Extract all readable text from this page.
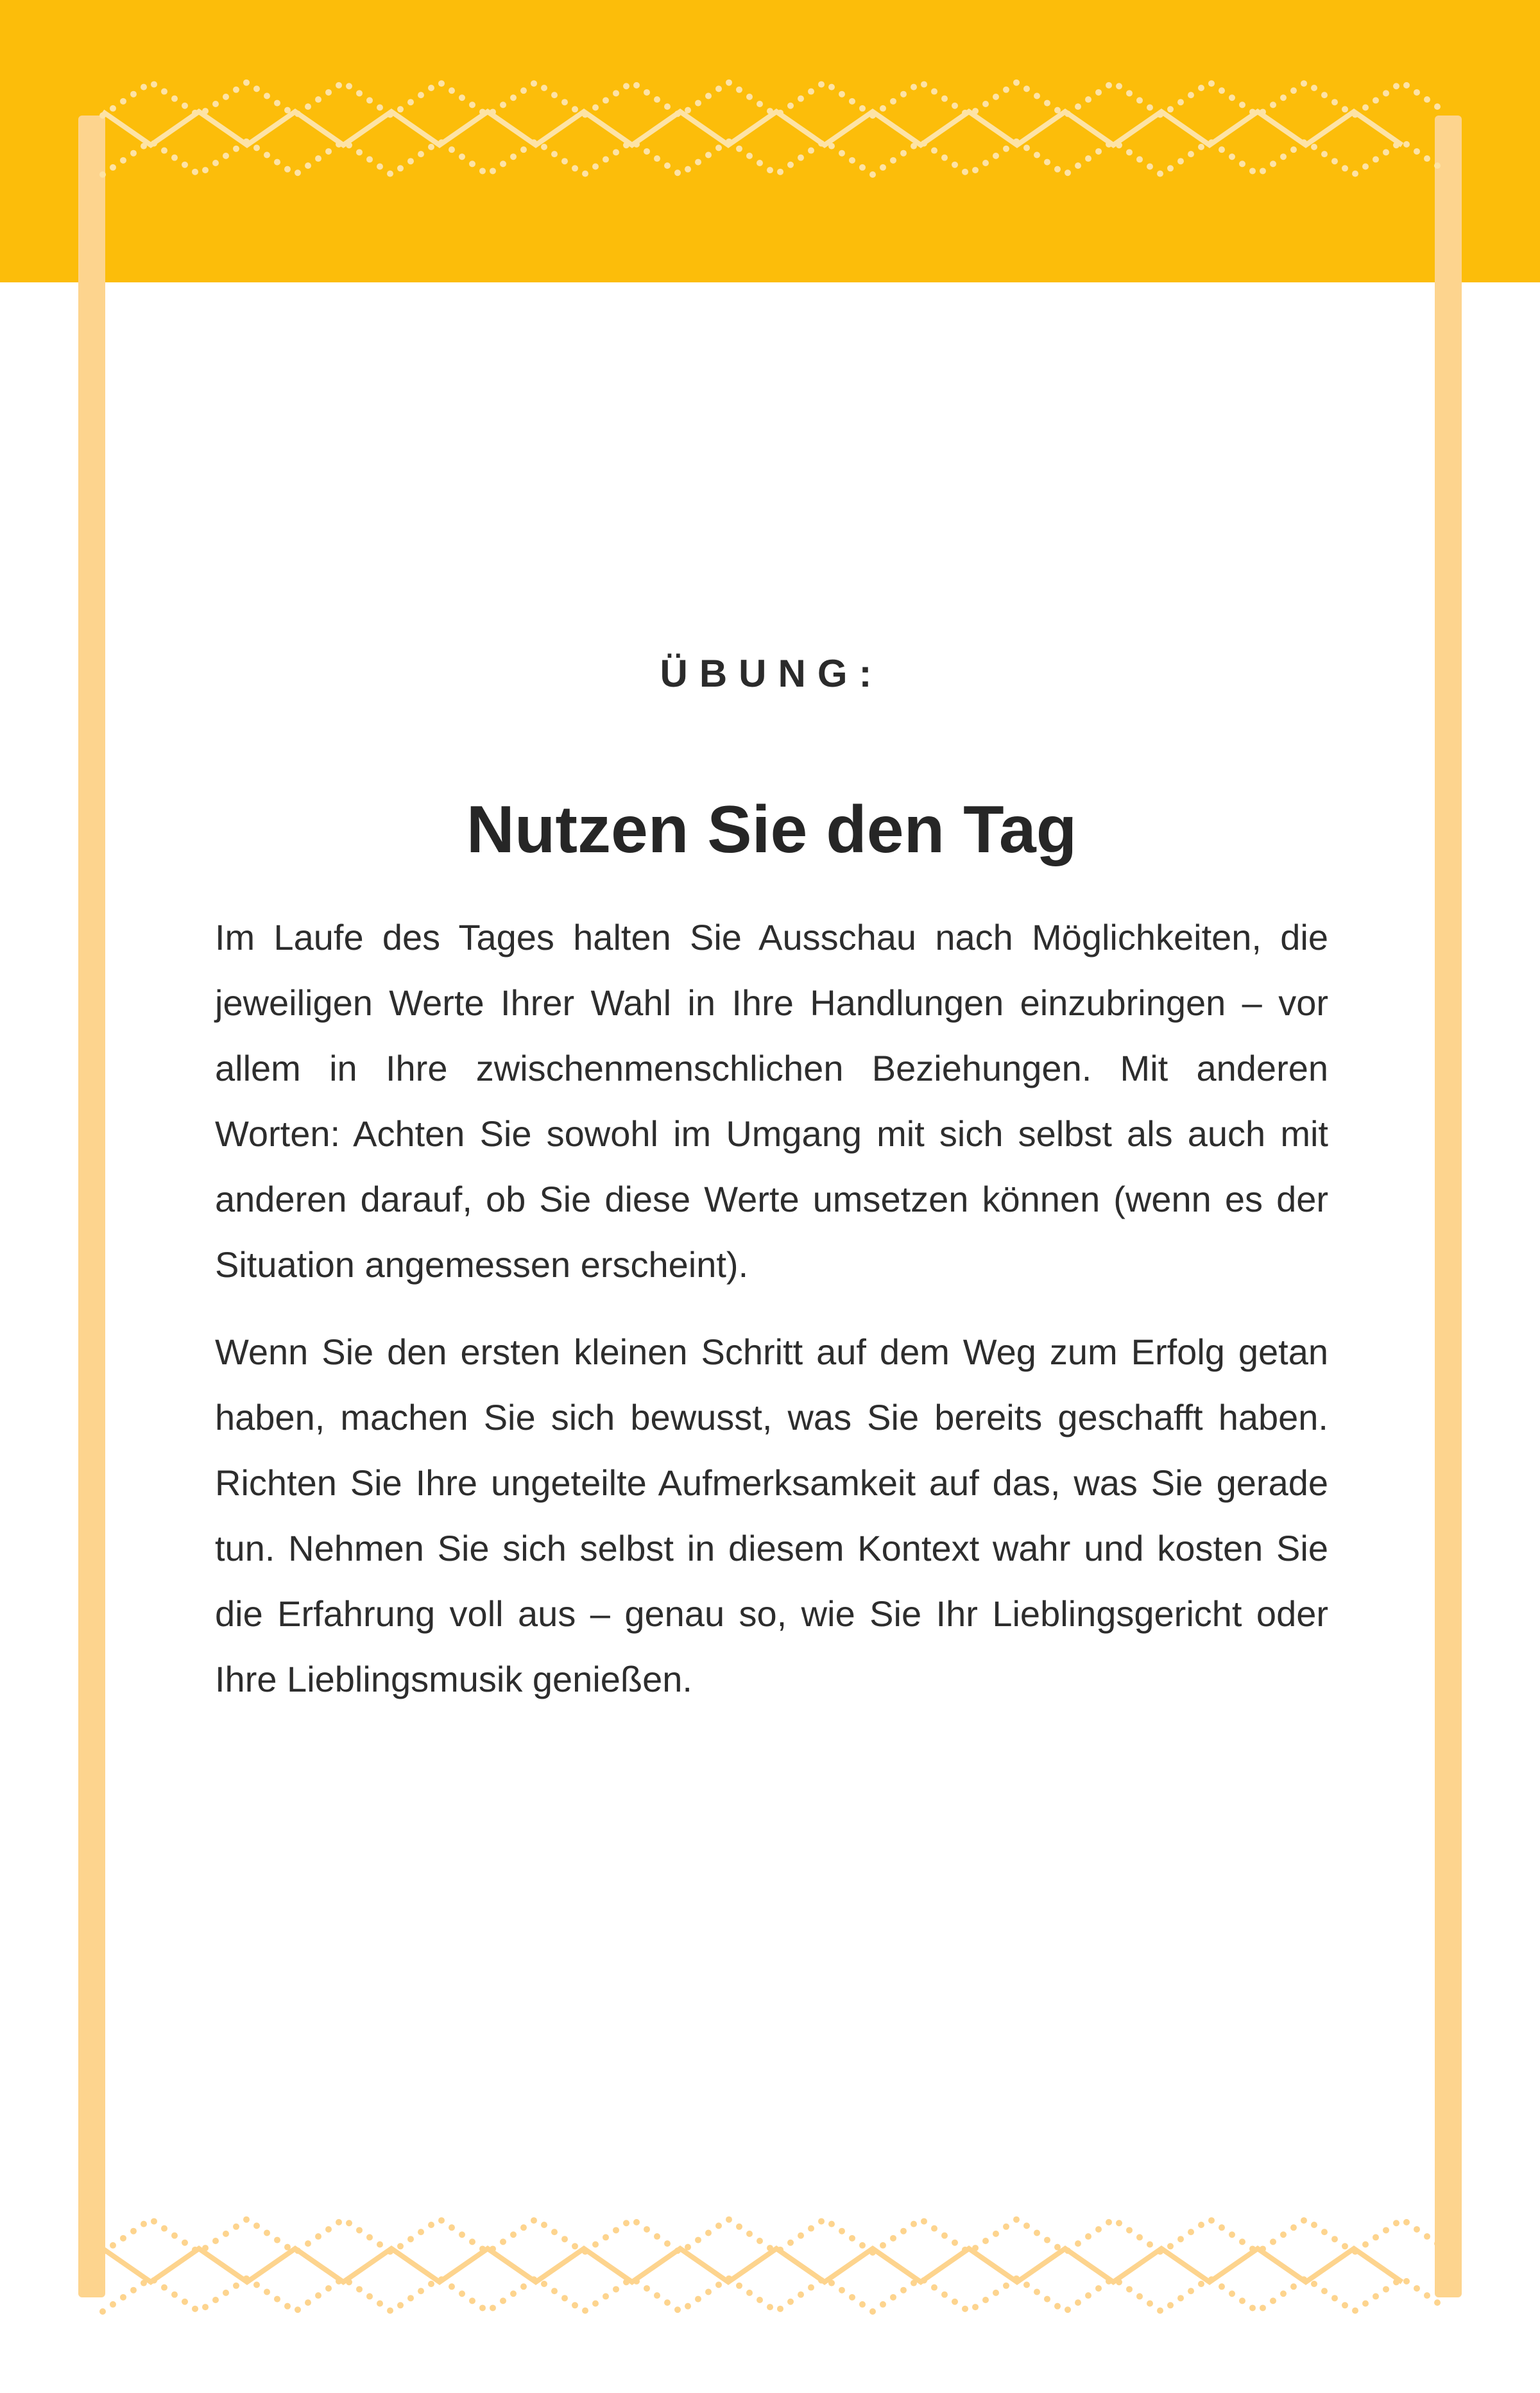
ÜBUNG:
Nutzen Sie den Tag

Im Laufe des Tages halten Sie Ausschau nach Möglichkeiten, die jeweiligen Werte Ihrer Wahl in Ihre Handlungen einzubringen – vor allem in Ihre zwischenmenschlichen Beziehungen. Mit anderen Worten: Achten Sie sowohl im Umgang mit sich selbst als auch mit anderen darauf, ob Sie diese Werte umsetzen können (wenn es der Situation angemessen erscheint).

Wenn Sie den ersten kleinen Schritt auf dem Weg zum Erfolg getan haben, machen Sie sich bewusst, was Sie bereits geschafft haben. Richten Sie Ihre ungeteilte Aufmerksamkeit auf das, was Sie gerade tun. Nehmen Sie sich selbst in diesem Kontext wahr und kosten Sie die Erfahrung voll aus – genau so, wie Sie Ihr Lieblingsgericht oder Ihre Lieblingsmusik genießen.
